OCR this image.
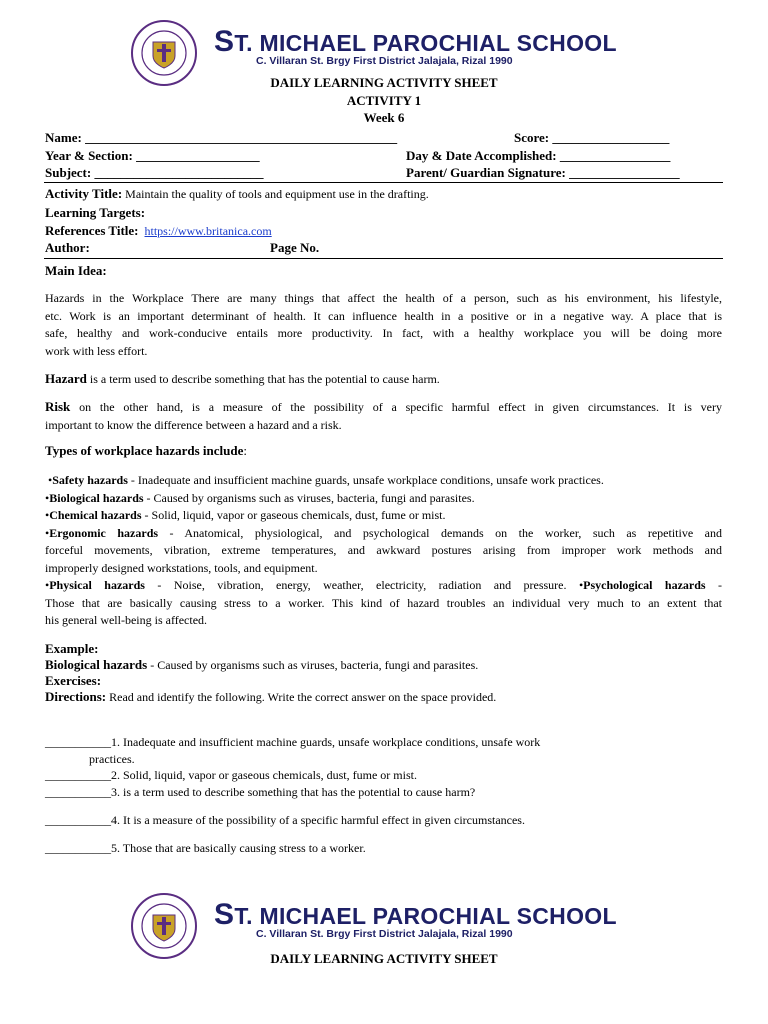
ST. MICHAEL PAROCHIAL SCHOOL
C. Villaran St. Brgy First District Jalajala, Rizal 1990
DAILY LEARNING ACTIVITY SHEET
ACTIVITY 1
Week 6
Name: ________________________________________________	Score: __________________
Year & Section: ___________________	Day & Date Accomplished: _________________
Subject: __________________________	Parent/ Guardian Signature: _________________
Activity Title: Maintain the quality of tools and equipment use in the drafting.
Learning Targets:
References Title: https://www.britanica.com
Author:	Page No.
Main Idea:
Hazards in the Workplace There are many things that affect the health of a person, such as his environment, his lifestyle,
etc. Work is an important determinant of health. It can influence health in a positive or in a negative way. A place that is
safe, healthy and work-conducive entails more productivity. In fact, with a healthy workplace you will be doing more
work with less effort.
Hazard is a term used to describe something that has the potential to cause harm.
Risk on the other hand, is a measure of the possibility of a specific harmful effect in given circumstances. It is very
important to know the difference between a hazard and a risk.
Types of workplace hazards include:
•Safety hazards - Inadequate and insufficient machine guards, unsafe workplace conditions, unsafe work practices.
•Biological hazards - Caused by organisms such as viruses, bacteria, fungi and parasites.
•Chemical hazards - Solid, liquid, vapor or gaseous chemicals, dust, fume or mist.
•Ergonomic hazards - Anatomical, physiological, and psychological demands on the worker, such as repetitive and
forceful movements, vibration, extreme temperatures, and awkward postures arising from improper work methods and
improperly designed workstations, tools, and equipment.
•Physical hazards - Noise, vibration, energy, weather, electricity, radiation and pressure. •Psychological hazards -
Those that are basically causing stress to a worker. This kind of hazard troubles an individual very much to an extent that
his general well-being is affected.
Example:
Biological hazards - Caused by organisms such as viruses, bacteria, fungi and parasites.
Exercises:
Directions: Read and identify the following. Write the correct answer on the space provided.
___________1. Inadequate and insufficient machine guards, unsafe workplace conditions, unsafe work
practices.
___________2. Solid, liquid, vapor or gaseous chemicals, dust, fume or mist.
___________3. is a term used to describe something that has the potential to cause harm?
___________4. It is a measure of the possibility of a specific harmful effect in given circumstances.
___________5. Those that are basically causing stress to a worker.
ST. MICHAEL PAROCHIAL SCHOOL
C. Villaran St. Brgy First District Jalajala, Rizal 1990
DAILY LEARNING ACTIVITY SHEET
